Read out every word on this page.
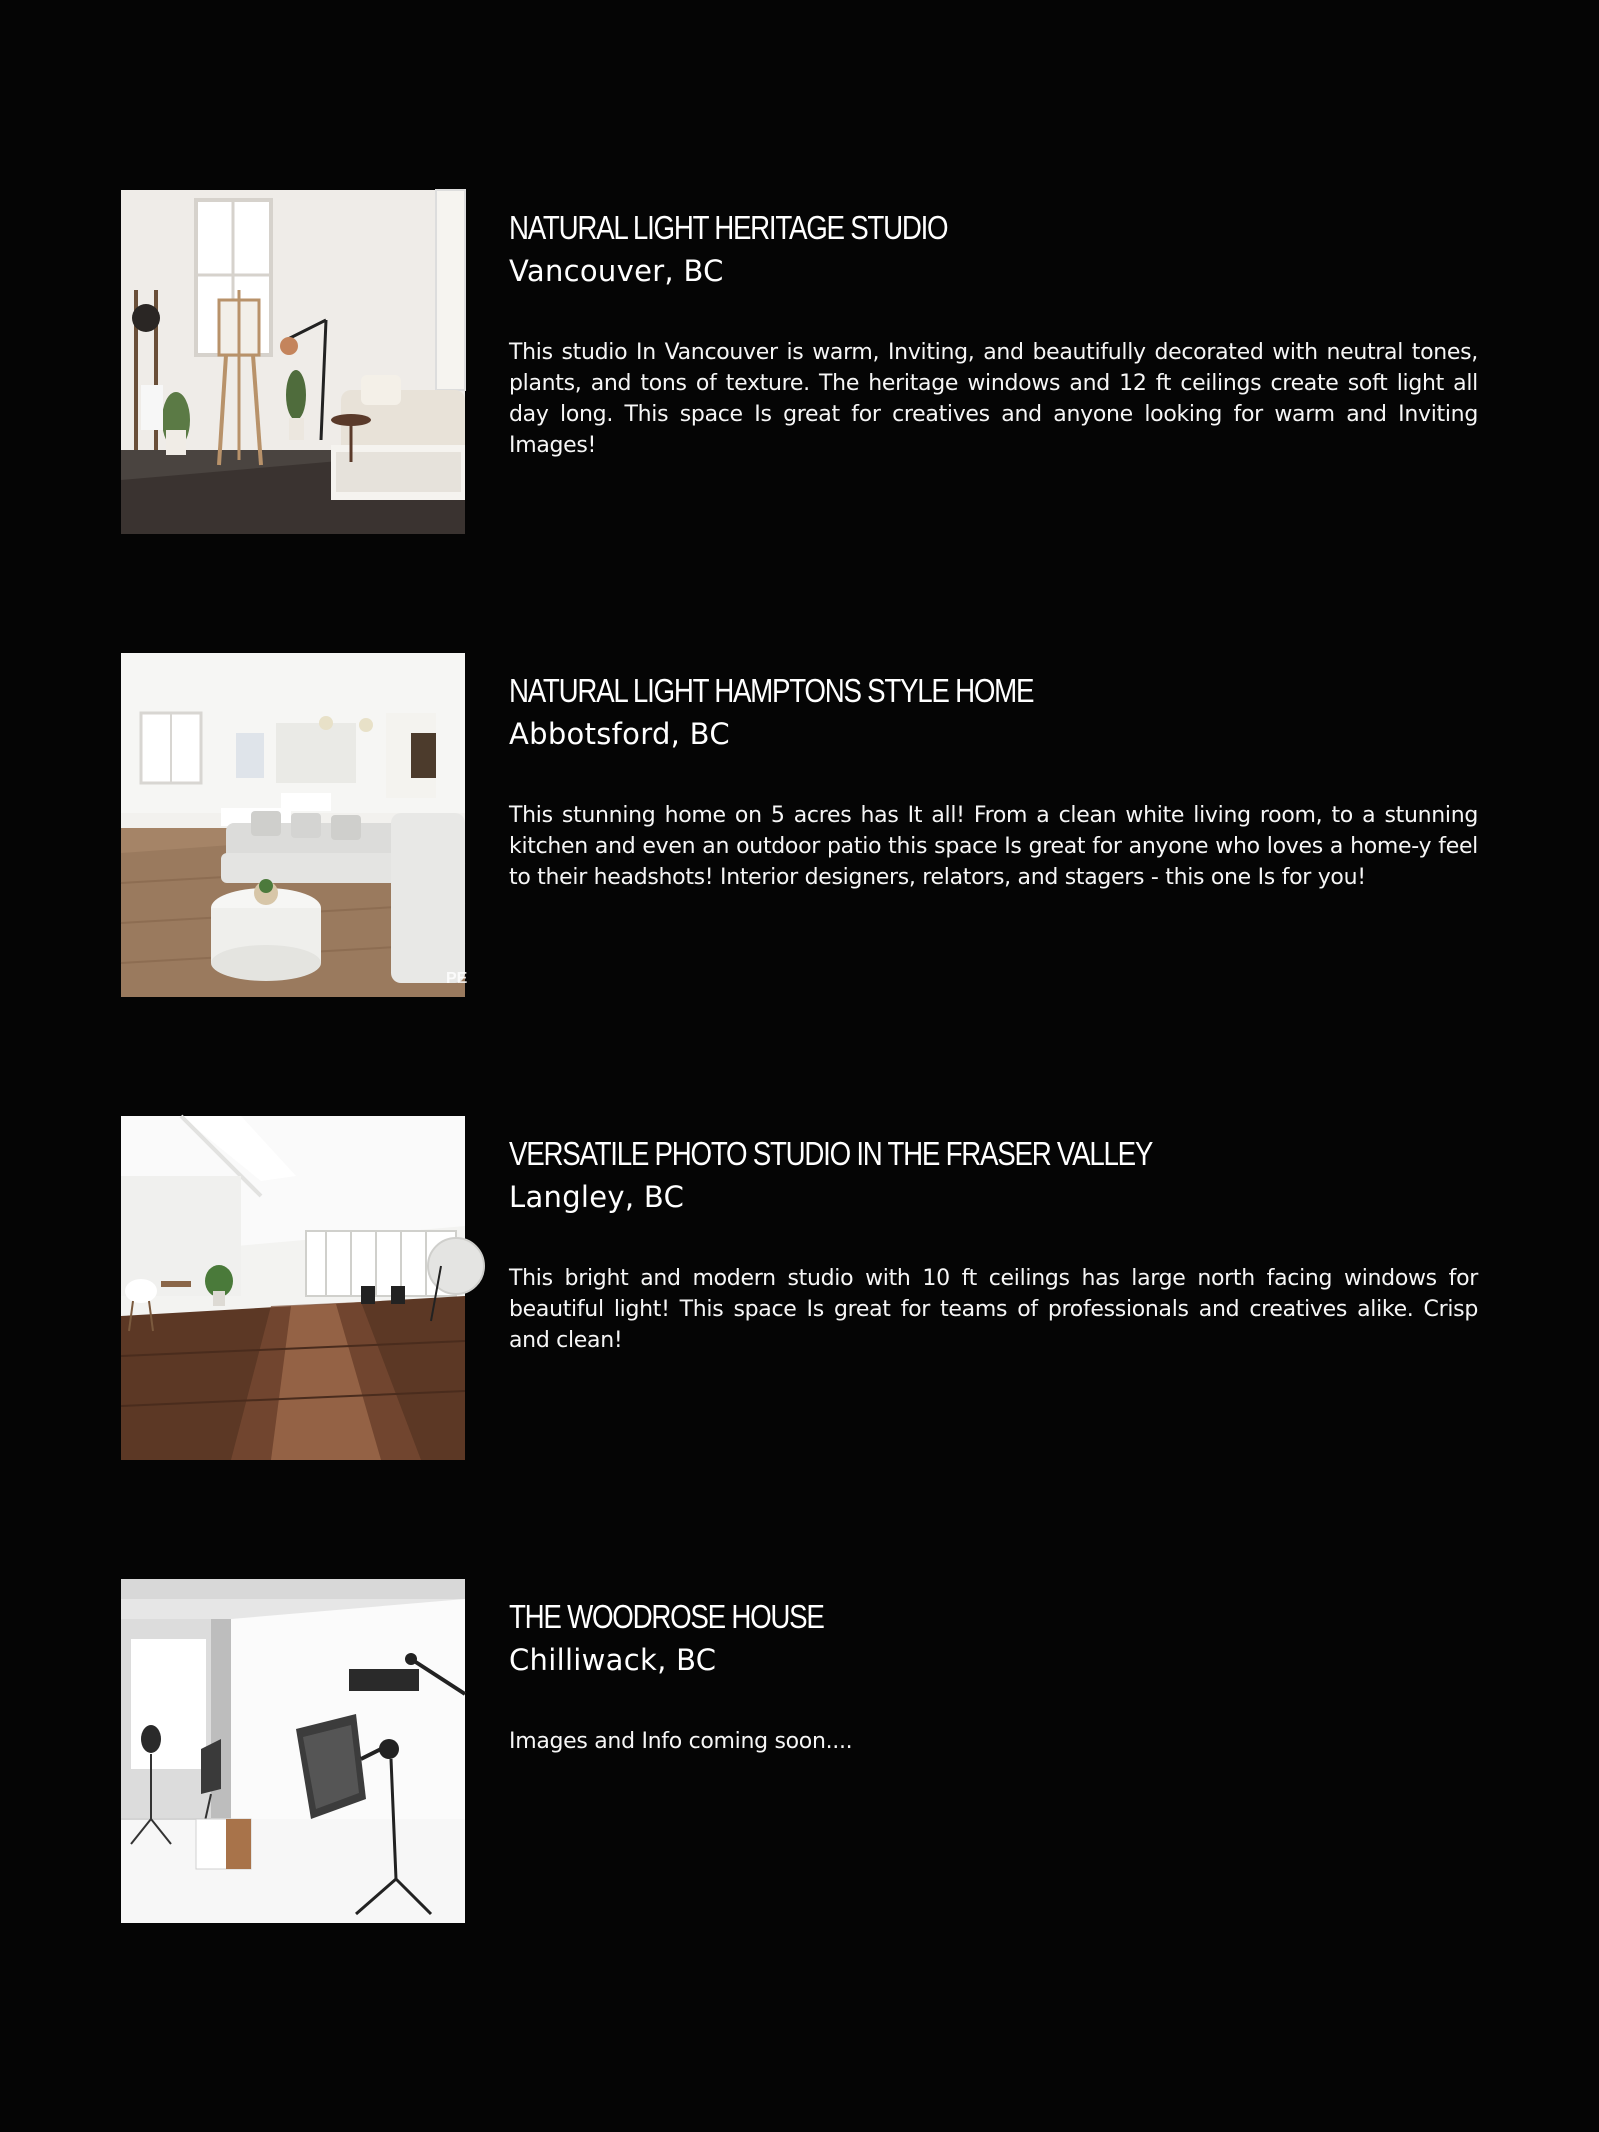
NATURAL LIGHT HERITAGE STUDIO
Vancouver, BC

This studio In Vancouver is warm, Inviting, and beautifully decorated with neutral tones, plants, and tons of texture. The heritage windows and 12 ft ceilings create soft light all day long. This space Is great for creatives and anyone looking for warm and Inviting Images!

PE
NATURAL LIGHT HAMPTONS STYLE HOME
Abbotsford, BC

This stunning home on 5 acres has It all! From a clean white living room, to a stunning kitchen and even an outdoor patio this space Is great for anyone who loves a home-y feel to their headshots! Interior designers, relators, and stagers - this one Is for you!

VERSATILE PHOTO STUDIO IN THE FRASER VALLEY
Langley, BC

This bright and modern studio with 10 ft ceilings has large north facing windows for beautiful light! This space Is great for teams of professionals and creatives alike. Crisp and clean!

THE WOODROSE HOUSE
Chilliwack, BC

Images and Info coming soon....
